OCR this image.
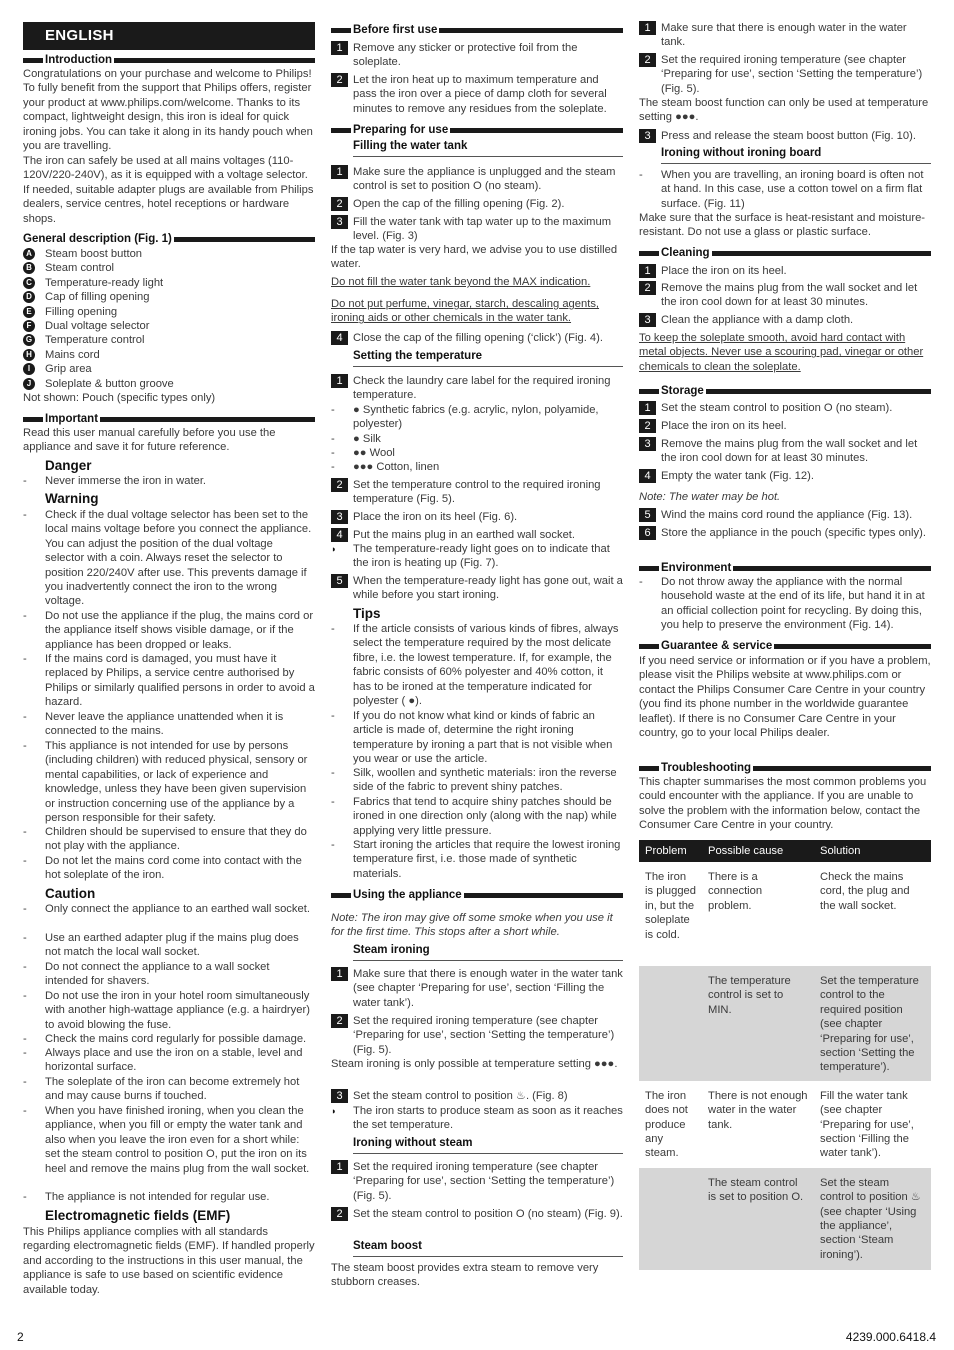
ENGLISH
Introduction
Congratulations on your purchase and welcome to Philips! To fully benefit from the support that Philips offers, register your product at www.philips.com/welcome. Thanks to its compact, lightweight design, this iron is ideal for quick ironing jobs. You can take it along in its handy pouch when you are travelling.
The iron can safely be used at all mains voltages (110-120V/220-240V), as it is equipped with a voltage selector. If needed, suitable adapter plugs are available from Philips dealers, service centres, hotel receptions or hardware shops.
General description (Fig. 1)
A Steam boost button
B Steam control
C Temperature-ready light
D Cap of filling opening
E Filling opening
F	Dual voltage selector
G Temperature control
H Mains cord
I	Grip area
J	Soleplate & button groove
Not shown: Pouch (specific types only)
Important
Read this user manual carefully before you use the appliance and save it for future reference.
Danger
- Never immerse the iron in water.
Warning
- Check if the dual voltage selector has been set to the local mains voltage before you connect the appliance. You can adjust the position of the dual voltage selector with a coin. Always reset the selector to position 220/240V after use. This prevents damage if you inadvertently connect the iron to the wrong voltage.
- Do not use the appliance if the plug, the mains cord or the appliance itself shows visible damage, or if the appliance has been dropped or leaks.
- If the mains cord is damaged, you must have it replaced by Philips, a service centre authorised by Philips or similarly qualified persons in order to avoid a hazard.
- Never leave the appliance unattended when it is connected to the mains.
- This appliance is not intended for use by persons (including children) with reduced physical, sensory or mental capabilities, or lack of experience and knowledge, unless they have been given supervision or instruction concerning use of the appliance by a person responsible for their safety.
- Children should be supervised to ensure that they do not play with the appliance.
- Do not let the mains cord come into contact with the hot soleplate of the iron.
Caution
- Only connect the appliance to an earthed wall socket.
- Use an earthed adapter plug if the mains plug does not match the local wall socket.
- Do not connect the appliance to a wall socket intended for shavers.
- Do not use the iron in your hotel room simultaneously with another high-wattage appliance (e.g. a hairdryer) to avoid blowing the fuse.
- Check the mains cord regularly for possible damage.
- Always place and use the iron on a stable, level and horizontal surface.
- The soleplate of the iron can become extremely hot and may cause burns if touched.
- When you have finished ironing, when you clean the appliance, when you fill or empty the water tank and also when you leave the iron even for a short while: set the steam control to position O, put the iron on its heel and remove the mains plug from the wall socket.
- The appliance is not intended for regular use.
Electromagnetic fields (EMF)
This Philips appliance complies with all standards regarding electromagnetic fields (EMF). If handled properly and according to the instructions in this user manual, the appliance is safe to use based on scientific evidence available today.
Before first use
1 Remove any sticker or protective foil from the soleplate.
2 Let the iron heat up to maximum temperature and pass the iron over a piece of damp cloth for several minutes to remove any residues from the soleplate.
Preparing for use
Filling the water tank
1 Make sure the appliance is unplugged and the steam control is set to position O (no steam).
2 Open the cap of the filling opening (Fig. 2).
3 Fill the water tank with tap water up to the maximum level. (Fig. 3)
If the tap water is very hard, we advise you to use distilled water.
Do not fill the water tank beyond the MAX indication.
Do not put perfume, vinegar, starch, descaling agents, ironing aids or other chemicals in the water tank.
4 Close the cap of the filling opening (‘click’) (Fig. 4).
Setting the temperature
1 Check the laundry care label for the required ironing temperature.
- ● Synthetic fabrics (e.g. acrylic, nylon, polyamide, polyester)
- ● Silk
- ●● Wool
- ●●● Cotton, linen
2 Set the temperature control to the required ironing temperature (Fig. 5).
3 Place the iron on its heel (Fig. 6).
4 Put the mains plug in an earthed wall socket.
◗ The temperature-ready light goes on to indicate that the iron is heating up (Fig. 7).
5 When the temperature-ready light has gone out, wait a while before you start ironing.
Tips
- If the article consists of various kinds of fibres, always select the temperature required by the most delicate fibre, i.e. the lowest temperature. If, for example, the fabric consists of 60% polyester and 40% cotton, it has to be ironed at the temperature indicated for polyester ( ●).
- If you do not know what kind or kinds of fabric an article is made of, determine the right ironing temperature by ironing a part that is not visible when you wear or use the article.
- Silk, woollen and synthetic materials: iron the reverse side of the fabric to prevent shiny patches.
- Fabrics that tend to acquire shiny patches should be ironed in one direction only (along with the nap) while applying very little pressure.
- Start ironing the articles that require the lowest ironing temperature first, i.e. those made of synthetic materials.
Using the appliance
Note: The iron may give off some smoke when you use it for the first time. This stops after a short while.
Steam ironing
1 Make sure that there is enough water in the water tank (see chapter ‘Preparing for use’, section ‘Filling the water tank’).
2 Set the required ironing temperature (see chapter ‘Preparing for use’, section ‘Setting the temperature’) (Fig. 5).
Steam ironing is only possible at temperature setting ●●●.
3 Set the steam control to position ♨. (Fig. 8)
◗ The iron starts to produce steam as soon as it reaches the set temperature.
Ironing without steam
1 Set the required ironing temperature (see chapter ‘Preparing for use’, section ‘Setting the temperature’) (Fig. 5).
2 Set the steam control to position O (no steam) (Fig. 9).
Steam boost
The steam boost provides extra steam to remove very stubborn creases.
1 Make sure that there is enough water in the water tank.
2 Set the required ironing temperature (see chapter ‘Preparing for use’, section ‘Setting the temperature’) (Fig. 5).
The steam boost function can only be used at temperature setting ●●●.
3 Press and release the steam boost button (Fig. 10).
Ironing without ironing board
- When you are travelling, an ironing board is often not at hand. In this case, use a cotton towel on a firm flat surface. (Fig. 11)
Make sure that the surface is heat-resistant and moisture-resistant. Do not use a glass or plastic surface.
Cleaning
1 Place the iron on its heel.
2 Remove the mains plug from the wall socket and let the iron cool down for at least 30 minutes.
3 Clean the appliance with a damp cloth.
To keep the soleplate smooth, avoid hard contact with metal objects. Never use a scouring pad, vinegar or other chemicals to clean the soleplate.
Storage
1 Set the steam control to position O (no steam).
2 Place the iron on its heel.
3 Remove the mains plug from the wall socket and let the iron cool down for at least 30 minutes.
4 Empty the water tank (Fig. 12).
Note: The water may be hot.
5 Wind the mains cord round the appliance (Fig. 13).
6 Store the appliance in the pouch (specific types only).
Environment
- Do not throw away the appliance with the normal household waste at the end of its life, but hand it in at an official collection point for recycling. By doing this, you help to preserve the environment (Fig. 14).
Guarantee & service
If you need service or information or if you have a problem, please visit the Philips website at www.philips.com or contact the Philips Consumer Care Centre in your country (you find its phone number in the worldwide guarantee leaflet). If there is no Consumer Care Centre in your country, go to your local Philips dealer.
Troubleshooting
This chapter summarises the most common problems you could encounter with the appliance. If you are unable to solve the problem with the information below, contact the Consumer Care Centre in your country.
Problem	Possible cause	Solution
The iron is plugged in, but the soleplate is cold.	There is a connection problem.	Check the mains cord, the plug and the wall socket.
	The temperature control is set to MIN.	Set the temperature control to the required position (see chapter ‘Preparing for use’, section ‘Setting the temperature’).
The iron does not produce any steam.	There is not enough water in the water tank.	Fill the water tank (see chapter ‘Preparing for use’, section ‘Filling the water tank’).
	The steam control is set to position O.	Set the steam control to position ♨ (see chapter ‘Using the appliance’, section ‘Steam ironing’).
2	4239.000.6418.4
